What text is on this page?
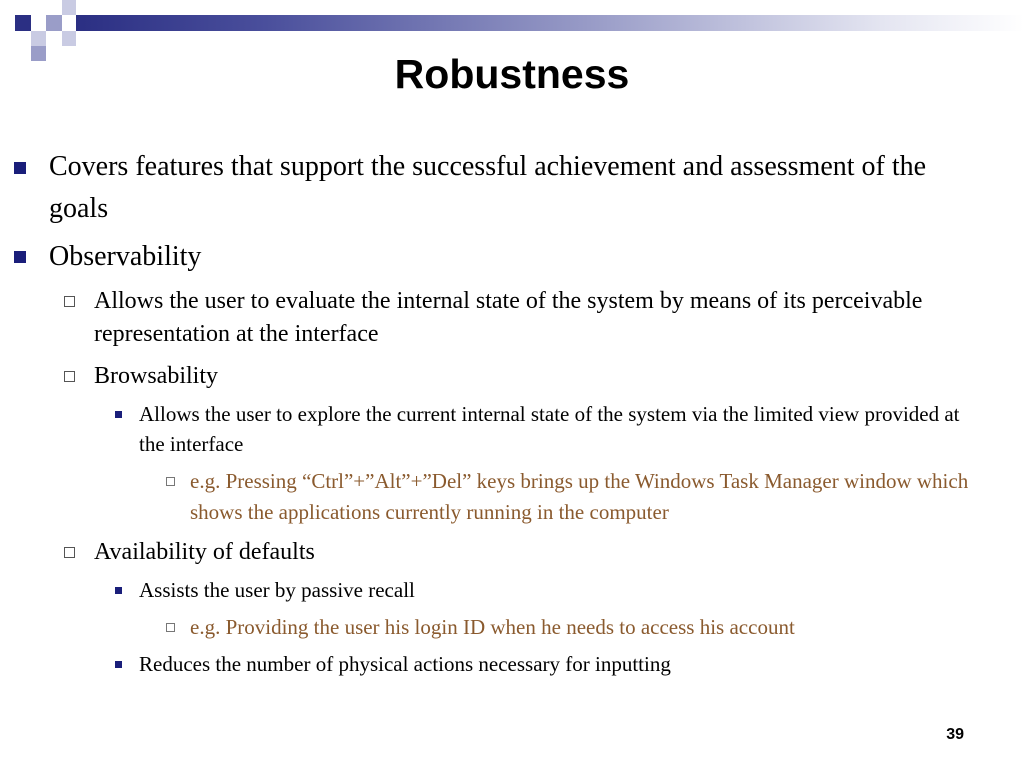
Robustness
Covers features that support the successful achievement and assessment of the goals
Observability
Allows the user to evaluate the internal state of the system by means of its perceivable representation at the interface
Browsability
Allows the user to explore the current internal state of the system via the limited view provided at the interface
e.g. Pressing “Ctrl”+”Alt”+”Del” keys brings up the Windows Task Manager window which shows the applications currently running in the computer
Availability of defaults
Assists the user by passive recall
e.g. Providing the user his login ID when he needs to access his account
Reduces the number of physical actions necessary for inputting
39
